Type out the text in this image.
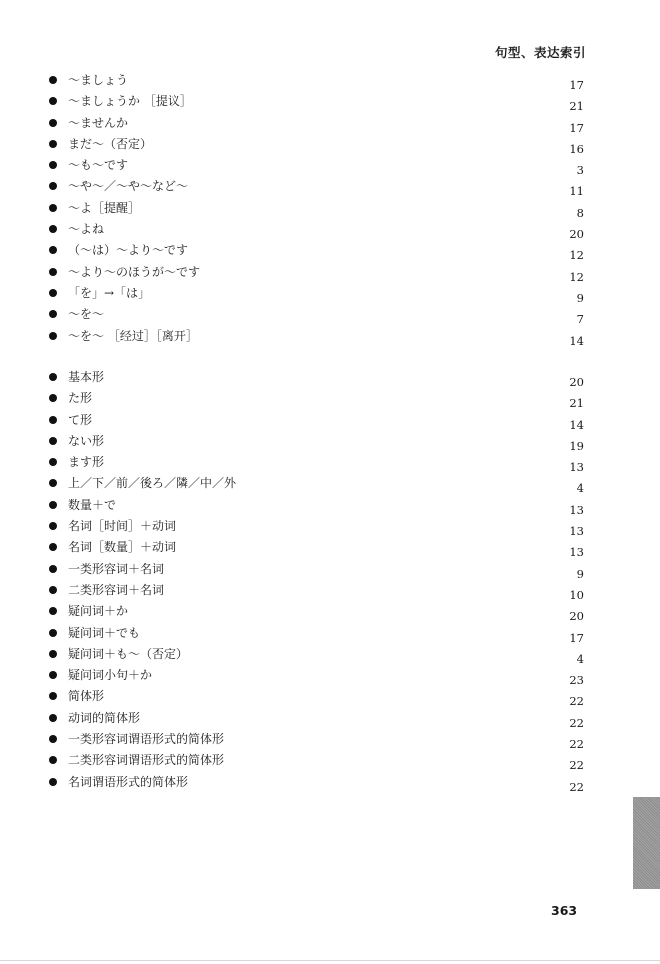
句型、表达索引
～ましょう	17
～ましょうか ［提议］	21
～ませんか	17
まだ～（否定）	16
～も～です	3
～や～／～や～など～	11
～よ［提醒］	8
～よね	20
（～は）～より～です	12
～より～のほうが～です	12
「を」→「は」	9
～を～	7
～を～ ［经过］［离开］	14
基本形	20
た形	21
て形	14
ない形	19
ます形	13
上／下／前／後ろ／隣／中／外	4
数量＋で	13
名词［时间］＋动词	13
名词［数量］＋动词	13
一类形容词＋名词	9
二类形容词＋名词	10
疑问词＋か	20
疑问词＋でも	17
疑问词＋も～（否定）	4
疑问词小句＋か	23
简体形	22
动词的简体形	22
一类形容词谓语形式的简体形	22
二类形容词谓语形式的简体形	22
名词谓语形式的简体形	22
363
